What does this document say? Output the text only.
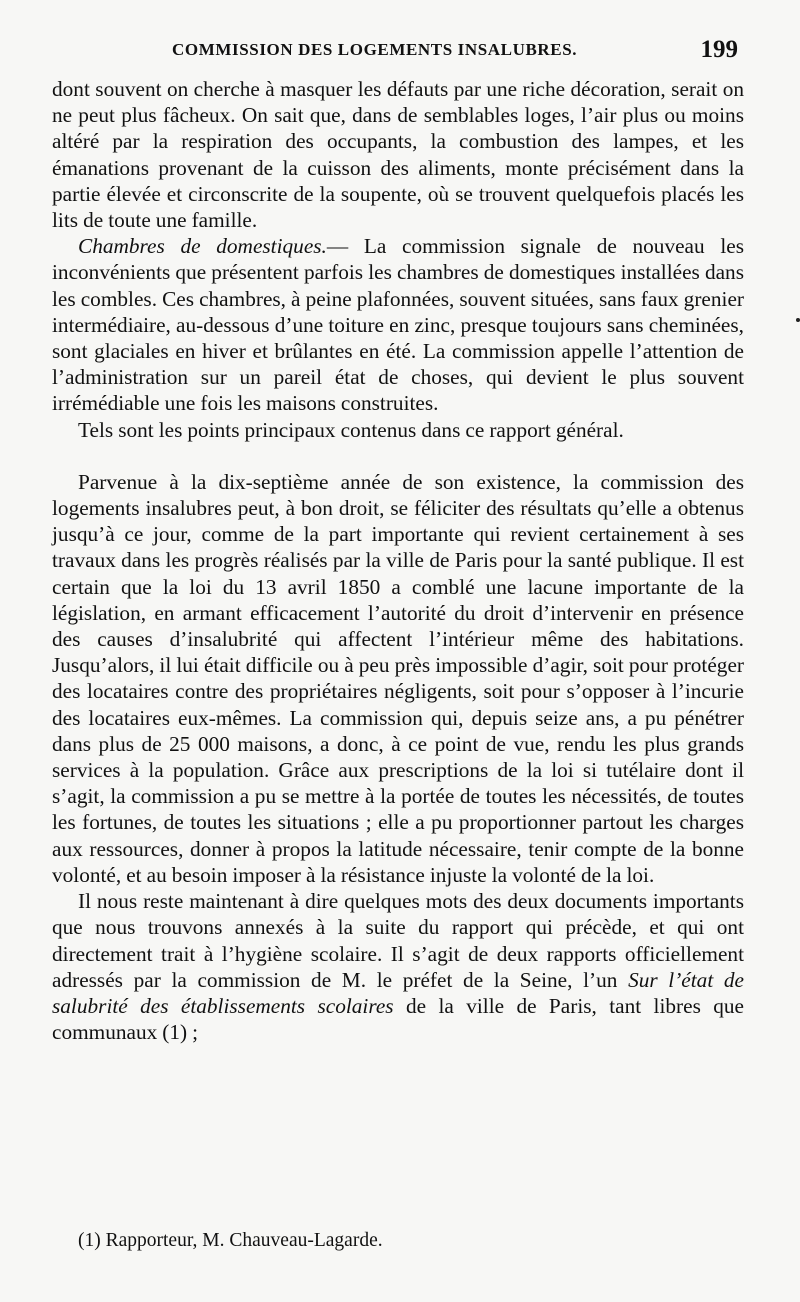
COMMISSION DES LOGEMENTS INSALUBRES.	199

dont souvent on cherche à masquer les défauts par une riche décoration, serait on ne peut plus fâcheux. On sait que, dans de semblables loges, l’air plus ou moins altéré par la respiration des occupants, la combustion des lampes, et les émanations provenant de la cuisson des aliments, monte précisément dans la partie élevée et circonscrite de la soupente, où se trouvent quelquefois placés les lits de toute une famille.

Chambres de domestiques.— La commission signale de nouveau les inconvénients que présentent parfois les chambres de domestiques installées dans les combles. Ces chambres, à peine plafonnées, souvent situées, sans faux grenier intermédiaire, au-dessous d’une toiture en zinc, presque toujours sans cheminées, sont glaciales en hiver et brûlantes en été. La commission appelle l’attention de l’administration sur un pareil état de choses, qui devient le plus souvent irrémédiable une fois les maisons construites.

Tels sont les points principaux contenus dans ce rapport général.

Parvenue à la dix-septième année de son existence, la commission des logements insalubres peut, à bon droit, se féliciter des résultats qu’elle a obtenus jusqu’à ce jour, comme de la part importante qui revient certainement à ses travaux dans les progrès réalisés par la ville de Paris pour la santé publique. Il est certain que la loi du 13 avril 1850 a comblé une lacune importante de la législation, en armant efficacement l’autorité du droit d’intervenir en présence des causes d’insalubrité qui affectent l’intérieur même des habitations. Jusqu’alors, il lui était difficile ou à peu près impossible d’agir, soit pour protéger des locataires contre des propriétaires négligents, soit pour s’opposer à l’incurie des locataires eux-mêmes. La commission qui, depuis seize ans, a pu pénétrer dans plus de 25 000 maisons, a donc, à ce point de vue, rendu les plus grands services à la population. Grâce aux prescriptions de la loi si tutélaire dont il s’agit, la commission a pu se mettre à la portée de toutes les nécessités, de toutes les fortunes, de toutes les situations ; elle a pu proportionner partout les charges aux ressources, donner à propos la latitude nécessaire, tenir compte de la bonne volonté, et au besoin imposer à la résistance injuste la volonté de la loi.

Il nous reste maintenant à dire quelques mots des deux documents importants que nous trouvons annexés à la suite du rapport qui précède, et qui ont directement trait à l’hygiène scolaire. Il s’agit de deux rapports officiellement adressés par la commission de M. le préfet de la Seine, l’un Sur l’état de salubrité des établissements scolaires de la ville de Paris, tant libres que communaux (1) ;

(1) Rapporteur, M. Chauveau-Lagarde.
